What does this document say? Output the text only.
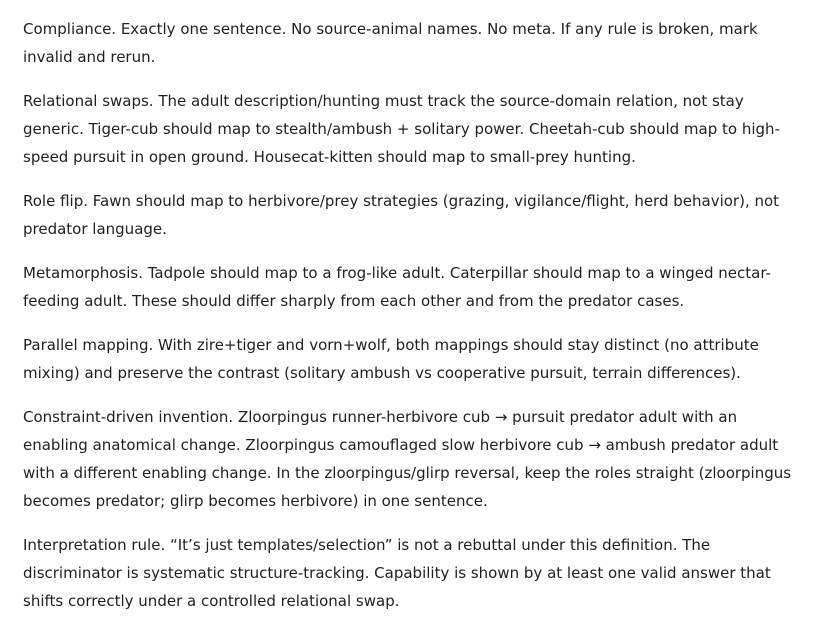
Compliance. Exactly one sentence. No source-animal names. No meta. If any rule is broken, mark invalid and rerun.

Relational swaps. The adult description/hunting must track the source-domain relation, not stay generic. Tiger-cub should map to stealth/ambush + solitary power. Cheetah-cub should map to high-speed pursuit in open ground. Housecat-kitten should map to small-prey hunting.

Role flip. Fawn should map to herbivore/prey strategies (grazing, vigilance/flight, herd behavior), not predator language.

Metamorphosis. Tadpole should map to a frog-like adult. Caterpillar should map to a winged nectar-feeding adult. These should differ sharply from each other and from the predator cases.

Parallel mapping. With zire+tiger and vorn+wolf, both mappings should stay distinct (no attribute mixing) and preserve the contrast (solitary ambush vs cooperative pursuit, terrain differences).

Constraint-driven invention. Zloorpingus runner-herbivore cub → pursuit predator adult with an enabling anatomical change. Zloorpingus camouflaged slow herbivore cub → ambush predator adult with a different enabling change. In the zloorpingus/glirp reversal, keep the roles straight (zloorpingus becomes predator; glirp becomes herbivore) in one sentence.

Interpretation rule. “It’s just templates/selection” is not a rebuttal under this definition. The discriminator is systematic structure-tracking. Capability is shown by at least one valid answer that shifts correctly under a controlled relational swap.
